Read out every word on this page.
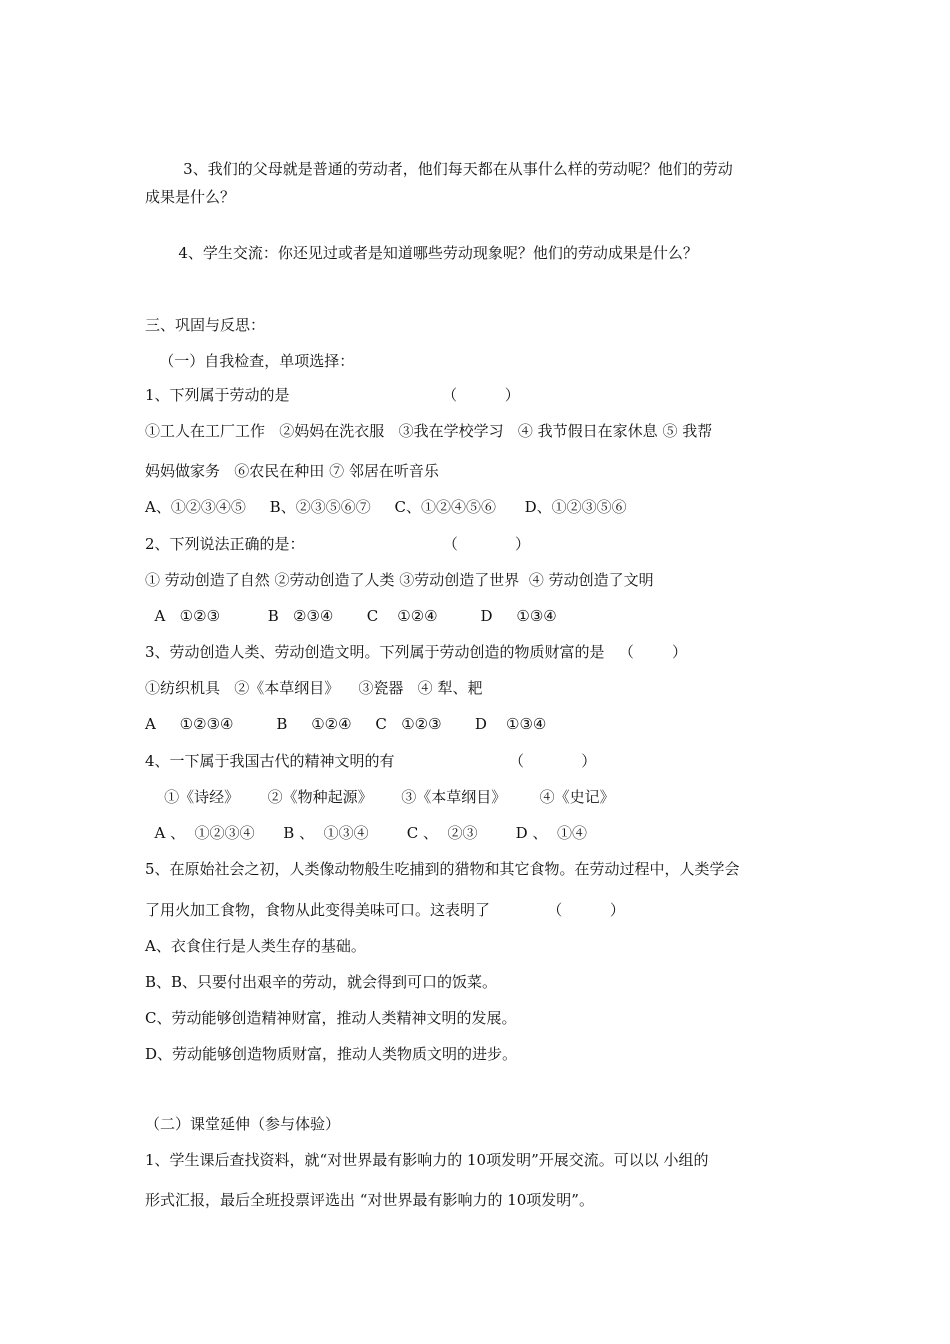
3、我们的父母就是普通的劳动者，他们每天都在从事什么样的劳动呢？他们的劳动
成果是什么？
4、学生交流：你还见过或者是知道哪些劳动现象呢？他们的劳动成果是什么？
三、巩固与反思：
（一）自我检查，单项选择：
1、下列属于劳动的是                                （          ）
①工人在工厂工作   ②妈妈在洗衣服   ③我在学校学习   ④ 我节假日在家休息 ⑤ 我帮
妈妈做家务   ⑥农民在种田 ⑦ 邻居在听音乐
A、①②③④⑤     B、②③⑤⑥⑦     C、①②④⑤⑥      D、①②③⑤⑥
2、下列说法正确的是：                             （            ）
① 劳动创造了自然 ②劳动创造了人类 ③劳动创造了世界  ④ 劳动创造了文明
A   ①②③          B   ②③④       C    ①②④         D     ①③④
3、劳动创造人类、劳动创造文明。下列属于劳动创造的物质财富的是   （        ）
①纺织机具   ②《本草纲目》    ③瓷器   ④ 犁、耙
A     ①②③④         B     ①②④     C   ①②③       D    ①③④
4、一下属于我国古代的精神文明的有                        （            ）
①《诗经》      ②《物种起源》      ③《本草纲目》       ④《史记》
A 、  ①②③④      B 、  ①③④        C 、  ②③        D 、  ①④
5、在原始社会之初，人类像动物般生吃捕到的猎物和其它食物。在劳动过程中，人类学会
了用火加工食物，食物从此变得美味可口。这表明了            （          ）
A、衣食住行是人类生存的基础。
B、B、只要付出艰辛的劳动，就会得到可口的饭菜。
C、劳动能够创造精神财富，推动人类精神文明的发展。
D、劳动能够创造物质财富，推动人类物质文明的进步。
（二）课堂延伸（参与体验）
1、学生课后查找资料，就“对世界最有影响力的 10项发明”开展交流。可以以 小组的
形式汇报，最后全班投票评选出 “对世界最有影响力的 10项发明”。
